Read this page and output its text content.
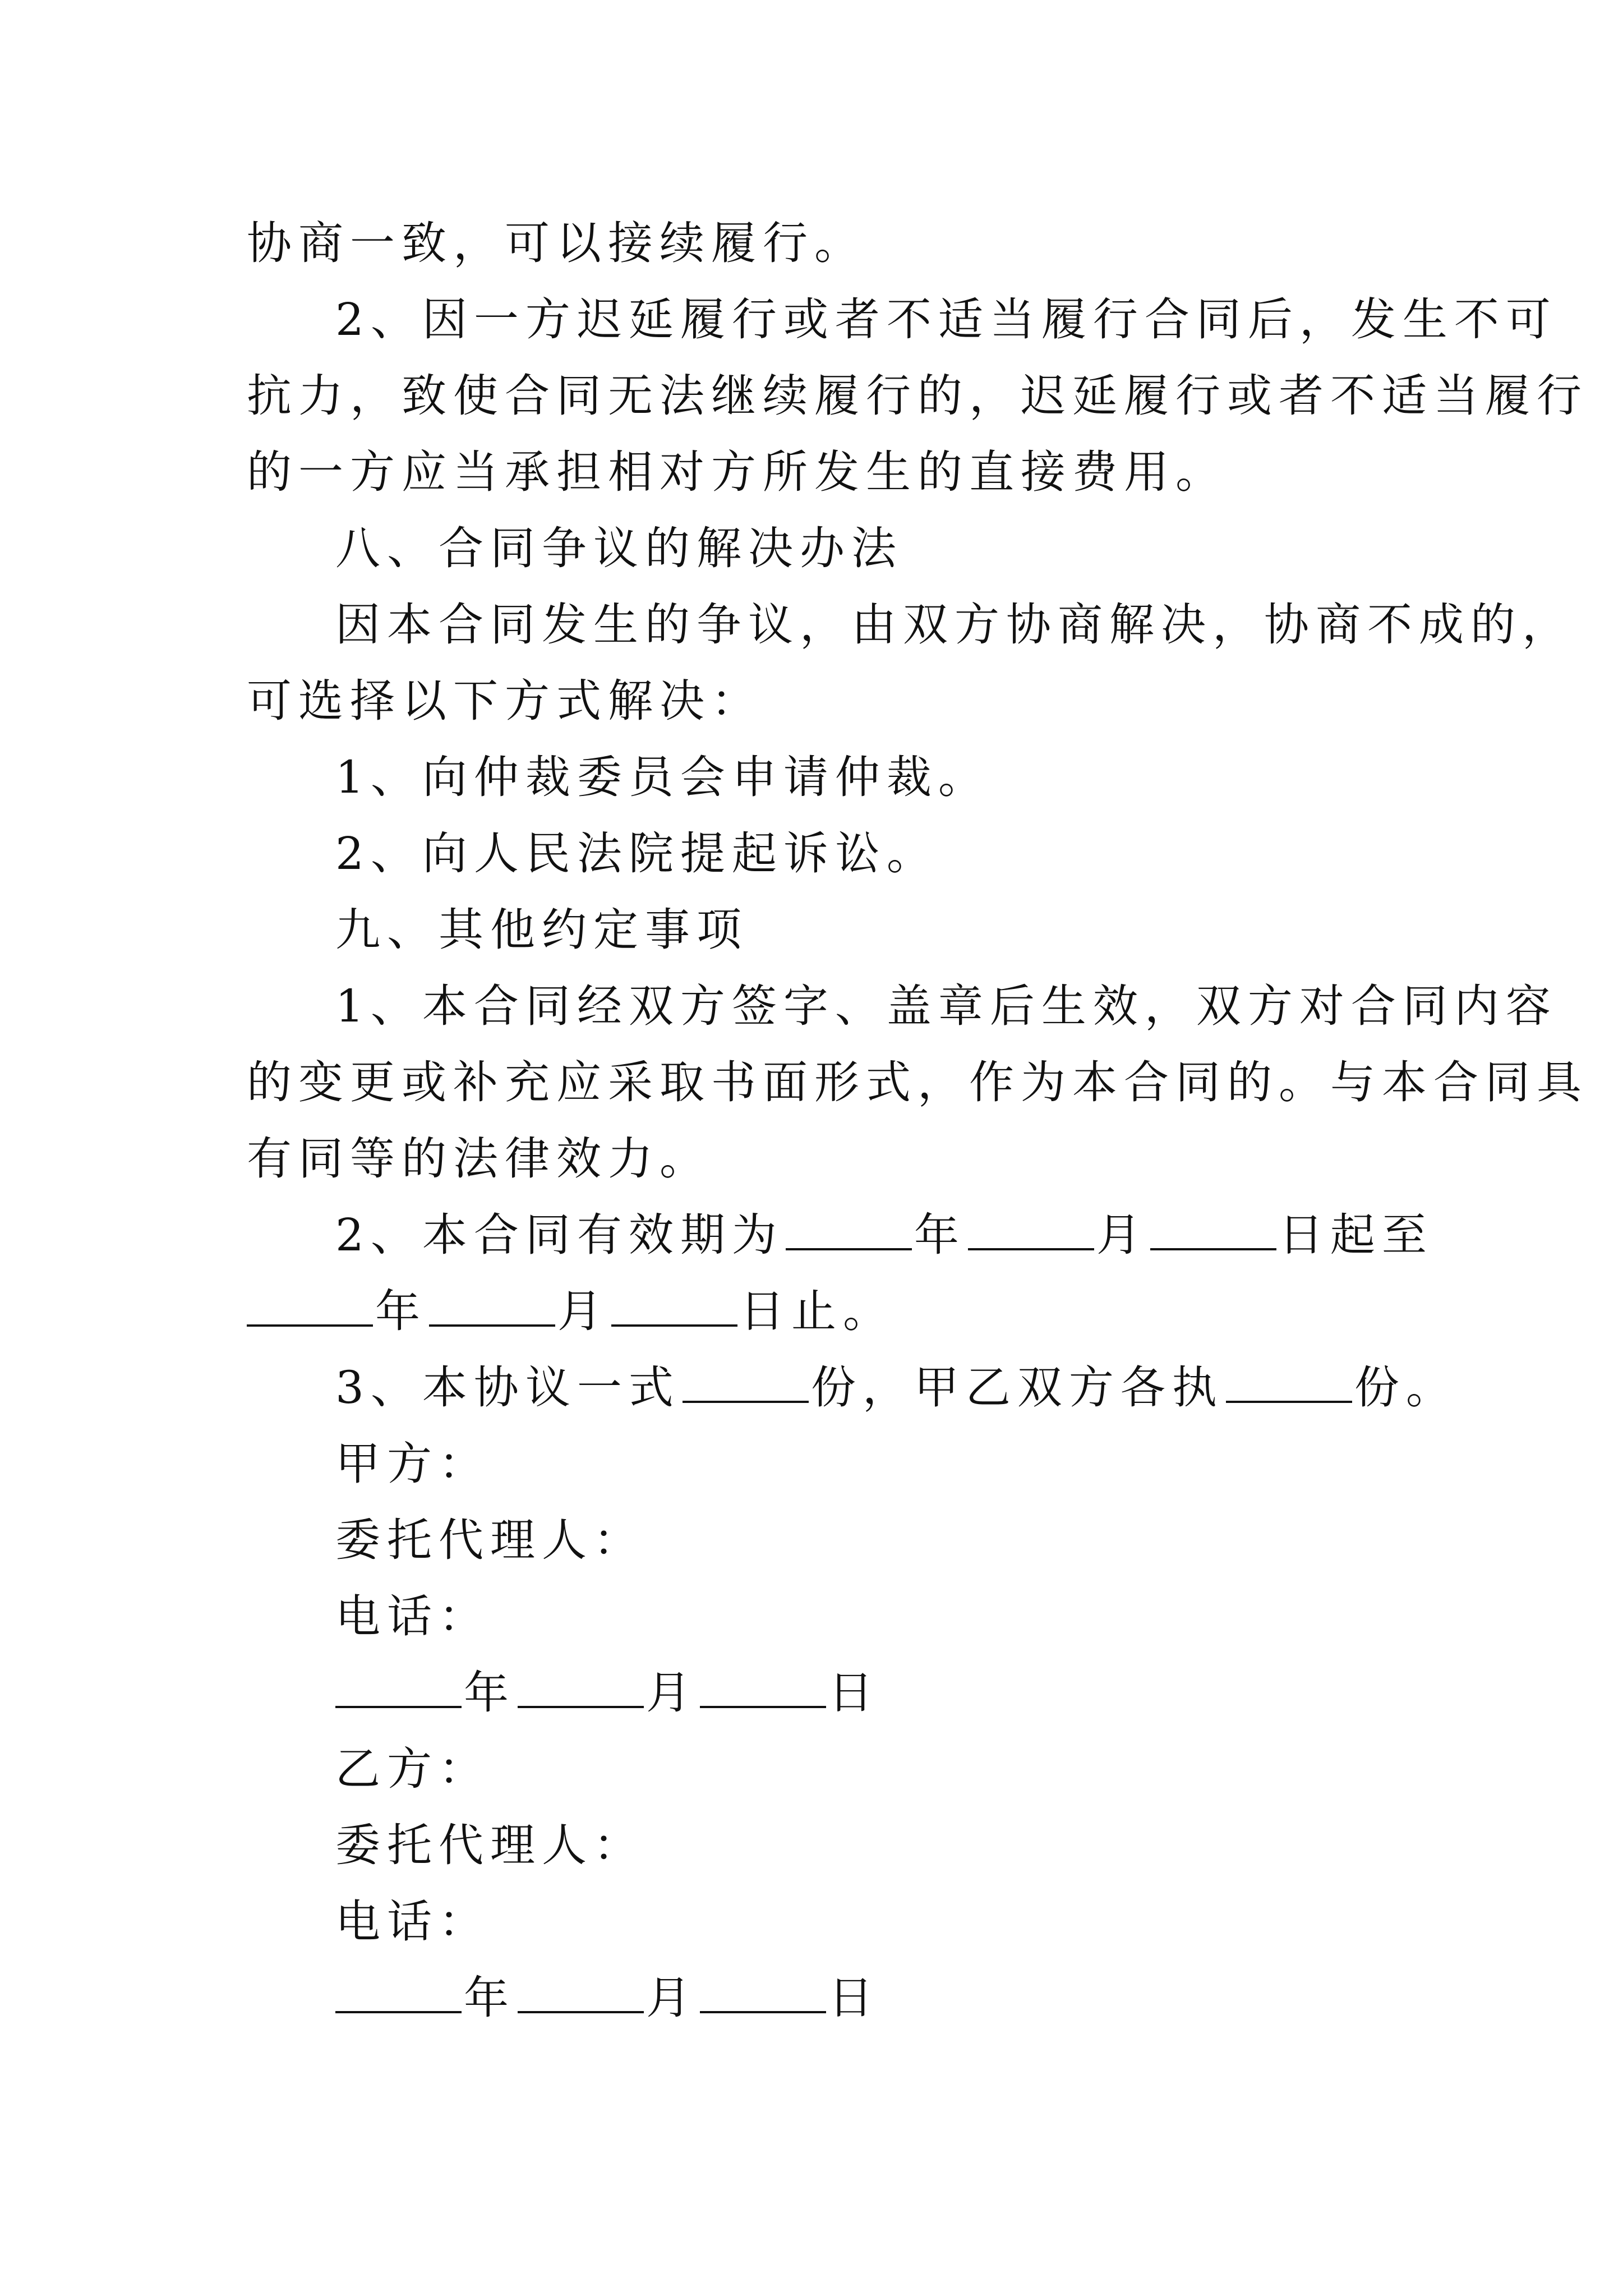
协商一致，可以接续履行。
2、因一方迟延履行或者不适当履行合同后，发生不可
抗力，致使合同无法继续履行的，迟延履行或者不适当履行
的一方应当承担相对方所发生的直接费用。
八、合同争议的解决办法
因本合同发生的争议，由双方协商解决，协商不成的，
可选择以下方式解决：
1、向仲裁委员会申请仲裁。
2、向人民法院提起诉讼。
九、其他约定事项
1、本合同经双方签字、盖章后生效，双方对合同内容
的变更或补充应采取书面形式，作为本合同的。与本合同具
有同等的法律效力。
2、本合同有效期为	年	月	日起至
年	月	日止。
3、本协议一式	份，甲乙双方各执	份。
甲方：
委托代理人：
电话：
年	月	日
乙方：
委托代理人：
电话：
年	月	日
